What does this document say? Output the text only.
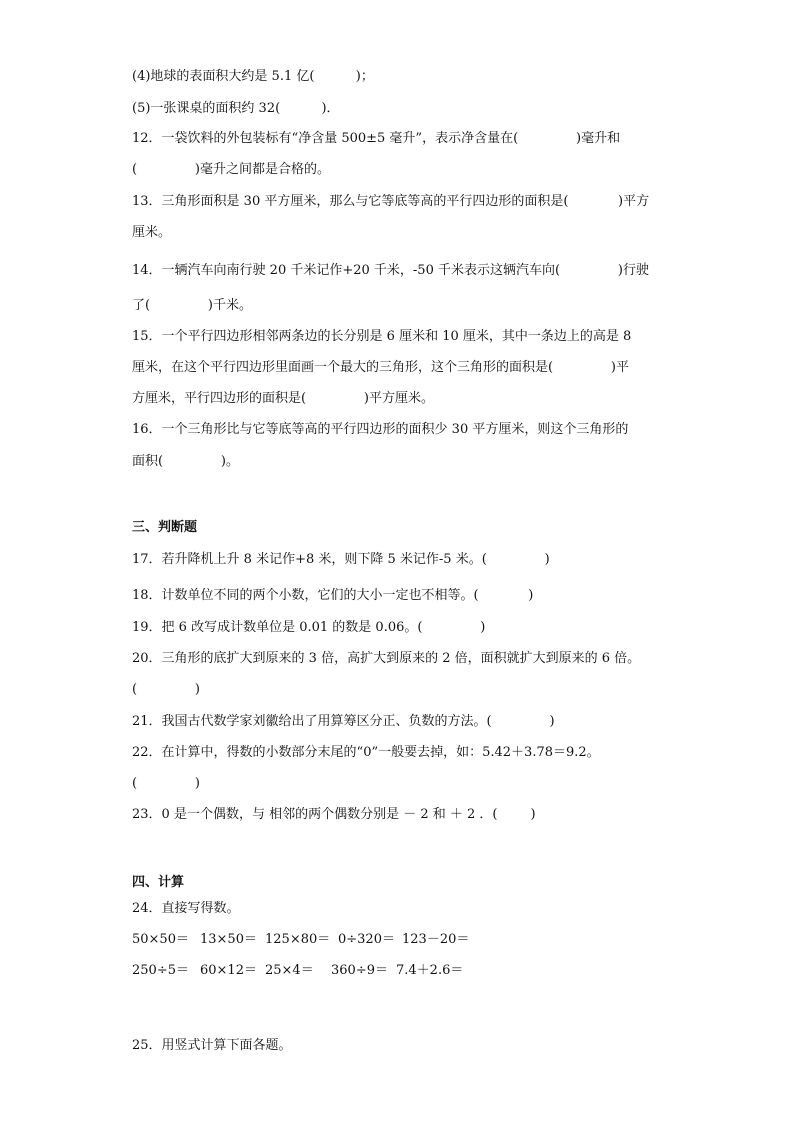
(4)地球的表面积大约是 5.1 亿(          )；
(5)一张课桌的面积约 32(          )．
12．一袋饮料的外包装标有“净含量 500±5 毫升”，表示净含量在(              )毫升和
(              )毫升之间都是合格的。
13．三角形面积是 30 平方厘米，那么与它等底等高的平行四边形的面积是(            )平方
厘米。
14．一辆汽车向南行驶 20 千米记作+20 千米，-50 千米表示这辆汽车向(              )行驶
了(              )千米。
15．一个平行四边形相邻两条边的长分别是 6 厘米和 10 厘米，其中一条边上的高是 8
厘米，在这个平行四边形里面画一个最大的三角形，这个三角形的面积是(              )平
方厘米，平行四边形的面积是(              )平方厘米。
16．一个三角形比与它等底等高的平行四边形的面积少 30 平方厘米，则这个三角形的
面积(              )。
三、判断题
17．若升降机上升 8 米记作+8 米，则下降 5 米记作-5 米。(              )
18．计数单位不同的两个小数，它们的大小一定也不相等。(            )
19．把 6 改写成计数单位是 0.01 的数是 0.06。(              )
20．三角形的底扩大到原来的 3 倍，高扩大到原来的 2 倍，面积就扩大到原来的 6 倍。
(              )
21．我国古代数学家刘徽给出了用算筹区分正、负数的方法。(              )
22．在计算中，得数的小数部分末尾的“0”一般要去掉，如：5.42＋3.78＝9.2。
(              )
23．0 是一个偶数，与 相邻的两个偶数分别是 － 2 和 ＋ 2 ．(        )
四、计算
24．直接写得数。
50×50＝ 13×50＝ 125×80＝ 0÷320＝ 123－20＝
250÷5＝ 60×12＝ 25×4＝ 360÷9＝ 7.4＋2.6＝
25．用竖式计算下面各题。
